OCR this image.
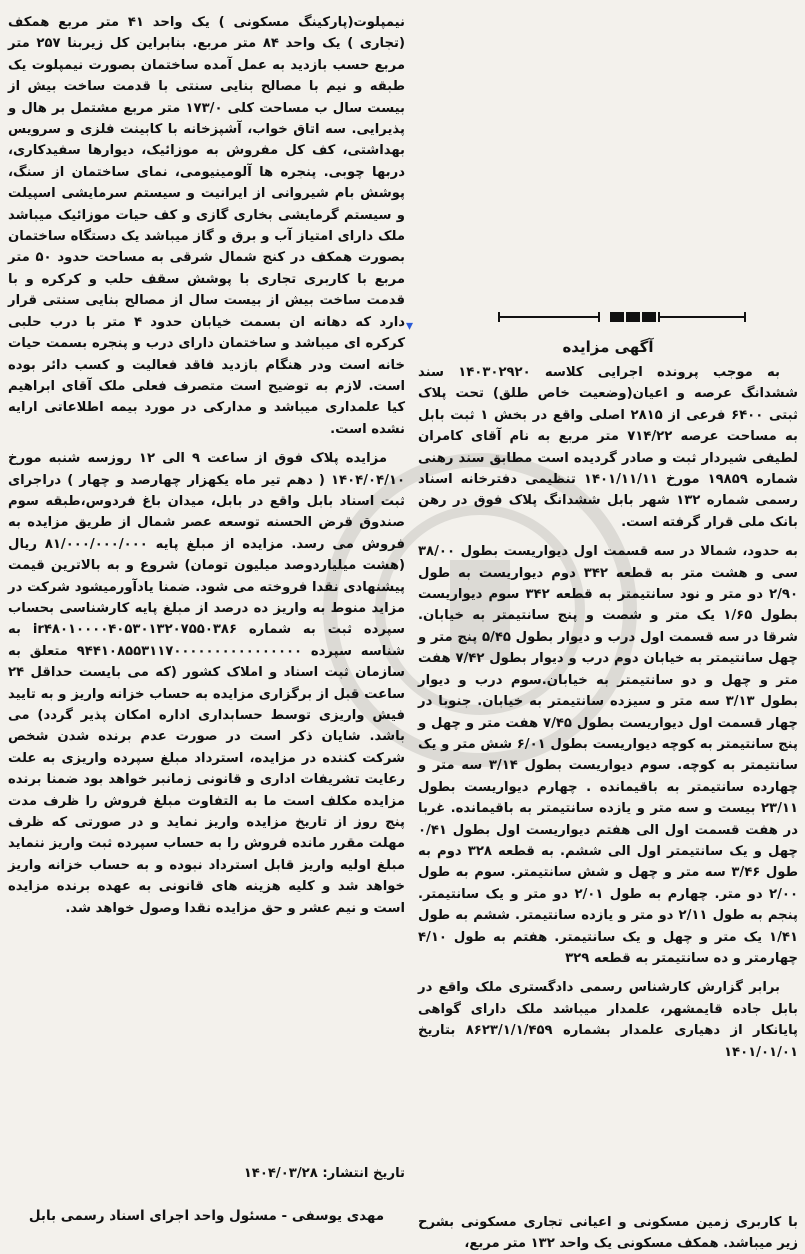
نیمپلوت(پارکینگ مسکونی ) یک واحد ۴۱ متر مربع همکف (تجاری ) یک واحد ۸۴ متر مربع. بنابراین کل زیربنا ۲۵۷ متر مربع حسب بازدید به عمل آمده ساختمان بصورت نیمپلوت یک طبقه و نیم با مصالح بنایی سنتی با قدمت ساخت بیش از بیست سال ب مساحت کلی ۱۷۳/۰ متر مربع مشتمل بر هال و پذیرایی. سه اتاق خواب، آشپزخانه با کابینت فلزی و سرویس بهداشتی، کف کل مفروش به موزائیک، دیوارها سفیدکاری، دربها چوبی. پنجره ها آلومینیومی، نمای ساختمان از سنگ، پوشش بام شیروانی از ایرانیت و سیستم سرمایشی اسپیلت و سیستم گرمایشی بخاری گازی و کف حیات موزائیک میباشد ملک دارای امتیاز آب و برق و گاز میباشد یک دستگاه ساختمان بصورت همکف در کنج شمال شرقی به مساحت حدود ۵۰ متر مربع با کاربری تجاری با پوشش سقف حلب و کرکره و با قدمت ساخت بیش از بیست سال از مصالح بنایی سنتی قرار دارد که دهانه ان بسمت خیابان حدود ۴ متر با درب حلبی کرکره ای میباشد و ساختمان دارای درب و پنجره بسمت حیات خانه است ودر هنگام بازدید فاقد فعالیت و کسب دائر بوده است. لازم به توضیح است متصرف فعلی ملک آقای ابراهیم کیا علمداری میباشد و مدارکی در مورد بیمه اطلاعاتی ارایه نشده است.

مزایده پلاک فوق از ساعت ۹ الی ۱۲ روزسه شنبه مورخ ۱۴۰۴/۰۴/۱۰ ( دهم تیر ماه یکهزار چهارصد و چهار ) دراجرای ثبت اسناد بابل واقع در بابل، میدان باغ فردوس،طبقه سوم صندوق قرض الحسنه توسعه عصر شمال از طریق مزایده به فروش می رسد. مزایده از مبلغ پایه ۸۱/۰۰۰/۰۰۰/۰۰۰ ریال (هشت میلیاردوصد میلیون تومان) شروع و به بالاترین قیمت پیشنهادی نقدا فروخته می شود. ضمنا یادآورمیشود شرکت در مزاید منوط به واریز ده درصد از مبلغ پایه کارشناسی بحساب سپرده ثبت به شماره ir۴۸۰۱۰۰۰۰۴۰۵۳۰۱۳۲۰۷۵۵۰۳۸۶ به شناسه سپرده ۹۴۴۱۰۸۵۵۳۱۱۷۰۰۰۰۰۰۰۰۰۰۰۰۰۰۰۰ متعلق به سازمان ثبت اسناد و املاک کشور (که می بایست حداقل ۲۴ ساعت قبل از برگزاری مزایده به حساب خزانه واریز و به تایید فیش واریزی توسط حسابداری اداره امکان پذیر گردد) می باشد. شایان ذکر است در صورت عدم برنده شدن شخص شرکت کننده در مزایده، استرداد مبلغ سپرده واریزی به علت رعایت تشریفات اداری و قانونی زمانبر خواهد بود ضمنا برنده مزایده مکلف است ما به التفاوت مبلغ فروش را ظرف مدت پنج روز از تاریخ مزایده واریز نماید و در صورتی که ظرف مهلت مقرر مانده فروش را به حساب سپرده ثبت واریز ننماید مبلغ اولیه واریز قابل استرداد نبوده و به حساب خزانه واریز خواهد شد و کلیه هزینه های قانونی به عهده برنده مزایده است و نیم عشر و حق مزایده نقدا وصول خواهد شد.

تاریخ انتشار: ۱۴۰۴/۰۳/۲۸
مهدی یوسفی - مسئول واحد اجرای اسناد رسمی بابل
▾
آگهی مزایده

به موجب پرونده اجرایی کلاسه ۱۴۰۳۰۲۹۲۰ سند ششدانگ عرصه و اعیان(وضعیت خاص طلق) تحت پلاک ثبتی ۶۴۰۰ فرعی از ۲۸۱۵ اصلی واقع در بخش ۱ ثبت بابل به مساحت عرصه ۷۱۴/۲۲ متر مربع به نام آقای کامران لطیفی شیردار ثبت و صادر گردیده است مطابق سند رهنی شماره ۱۹۸۵۹ مورخ ۱۴۰۱/۱۱/۱۱ تنظیمی دفترخانه اسناد رسمی شماره ۱۳۲ شهر بابل ششدانگ پلاک فوق در رهن بانک ملی قرار گرفته است.

به حدود، شمالا در سه قسمت اول دیواریست بطول ۳۸/۰۰ سی و هشت متر به قطعه ۳۴۲ دوم دیواریست به طول ۲/۹۰ دو متر و نود سانتیمتر به قطعه ۳۴۲ سوم دیواریست بطول ۱/۶۵ یک متر و شصت و پنج سانتیمتر به خیابان. شرقا در سه قسمت اول درب و دیوار بطول ۵/۴۵ پنج متر و چهل سانتیمتر به خیابان دوم درب و دیوار بطول ۷/۴۲ هفت متر و چهل و دو سانتیمتر به خیابان.سوم درب و دیوار بطول ۳/۱۳ سه متر و سیزده سانتیمتر به خیابان. جنوبا در چهار قسمت اول دیواریست بطول ۷/۴۵ هفت متر و چهل و پنج سانتیمتر به کوچه دیواریست بطول ۶/۰۱ شش متر و یک سانتیمتر به کوچه. سوم دیواریست بطول ۳/۱۴ سه متر و چهارده سانتیمتر به باقیمانده . چهارم دیواریست بطول ۲۳/۱۱ بیست و سه متر و یازده سانتیمتر به باقیمانده. غربا در هفت قسمت اول الی هفتم دیواریست اول بطول ۰/۴۱ چهل و یک سانتیمتر اول الی ششم. به قطعه ۳۲۸ دوم به طول ۳/۴۶ سه متر و چهل و شش سانتیمتر. سوم به طول ۲/۰۰ دو متر. چهارم به طول ۲/۰۱ دو متر و یک سانتیمتر. پنجم به طول ۲/۱۱ دو متر و یازده سانتیمتر. ششم به طول ۱/۴۱ یک متر و چهل و یک سانتیمتر. هفتم به طول ۴/۱۰ چهارمتر و ده سانتیمتر به قطعه ۳۲۹

برابر گزارش کارشناس رسمی دادگستری ملک واقع در بابل جاده قایمشهر، علمدار میباشد ملک دارای گواهی پایانکار از دهیاری علمدار بشماره ۸۶۲۳/۱/۱/۴۵۹ بتاریخ ۱۴۰۱/۰۱/۰۱

با کاربری زمین مسکونی و اعیانی تجاری مسکونی بشرح زیر میباشد. همکف مسکونی یک واحد ۱۳۲ متر مربع،
